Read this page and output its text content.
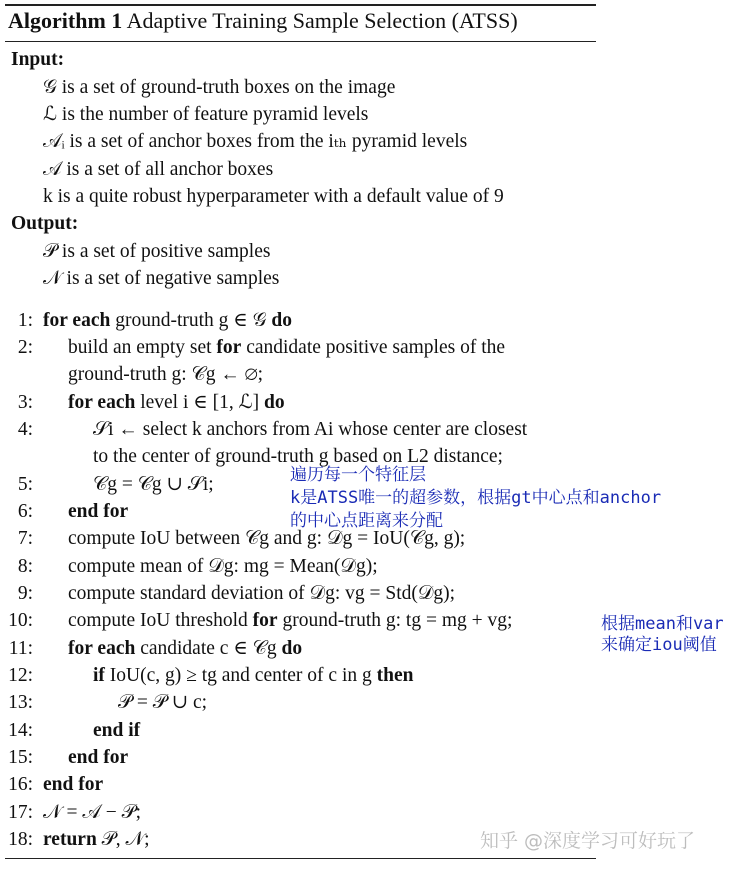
Algorithm 1 Adaptive Training Sample Selection (ATSS)
Input:
𝒢 is a set of ground-truth boxes on the image
ℒ is the number of feature pyramid levels
𝒜ᵢ is a set of anchor boxes from the iₜₕ pyramid levels
𝒜 is a set of all anchor boxes
k is a quite robust hyperparameter with a default value of 9
Output:
𝒫 is a set of positive samples
𝒩 is a set of negative samples
1: for each ground-truth g ∈ 𝒢 do
2: build an empty set for candidate positive samples of the
ground-truth g: 𝒞g ← ∅;
3: for each level i ∈ [1, ℒ] do
4:	𝒮i ← select k anchors from Ai whose center are closest
to the center of ground-truth g based on L2 distance;
5:	𝒞g = 𝒞g ∪ 𝒮i;
6: end for
7: compute IoU between 𝒞g and g: 𝒟g = IoU(𝒞g, g);
8: compute mean of 𝒟g: mg = Mean(𝒟g);
9: compute standard deviation of 𝒟g: vg = Std(𝒟g);
10: compute IoU threshold for ground-truth g: tg = mg + vg;
11: for each candidate c ∈ 𝒞g do
12:	if IoU(c, g) ≥ tg and center of c in g then
13:	𝒫 = 𝒫 ∪ c;
14:	end if
15: end for
16: end for
17: 𝒩 = 𝒜 − 𝒫;
18: return 𝒫, 𝒩;
遍历每一个特征层
k是ATSS唯一的超参数，根据gt中心点和anchor
的中心点距离来分配
根据mean和var
来确定iou阈值
知乎 @深度学习可好玩了
